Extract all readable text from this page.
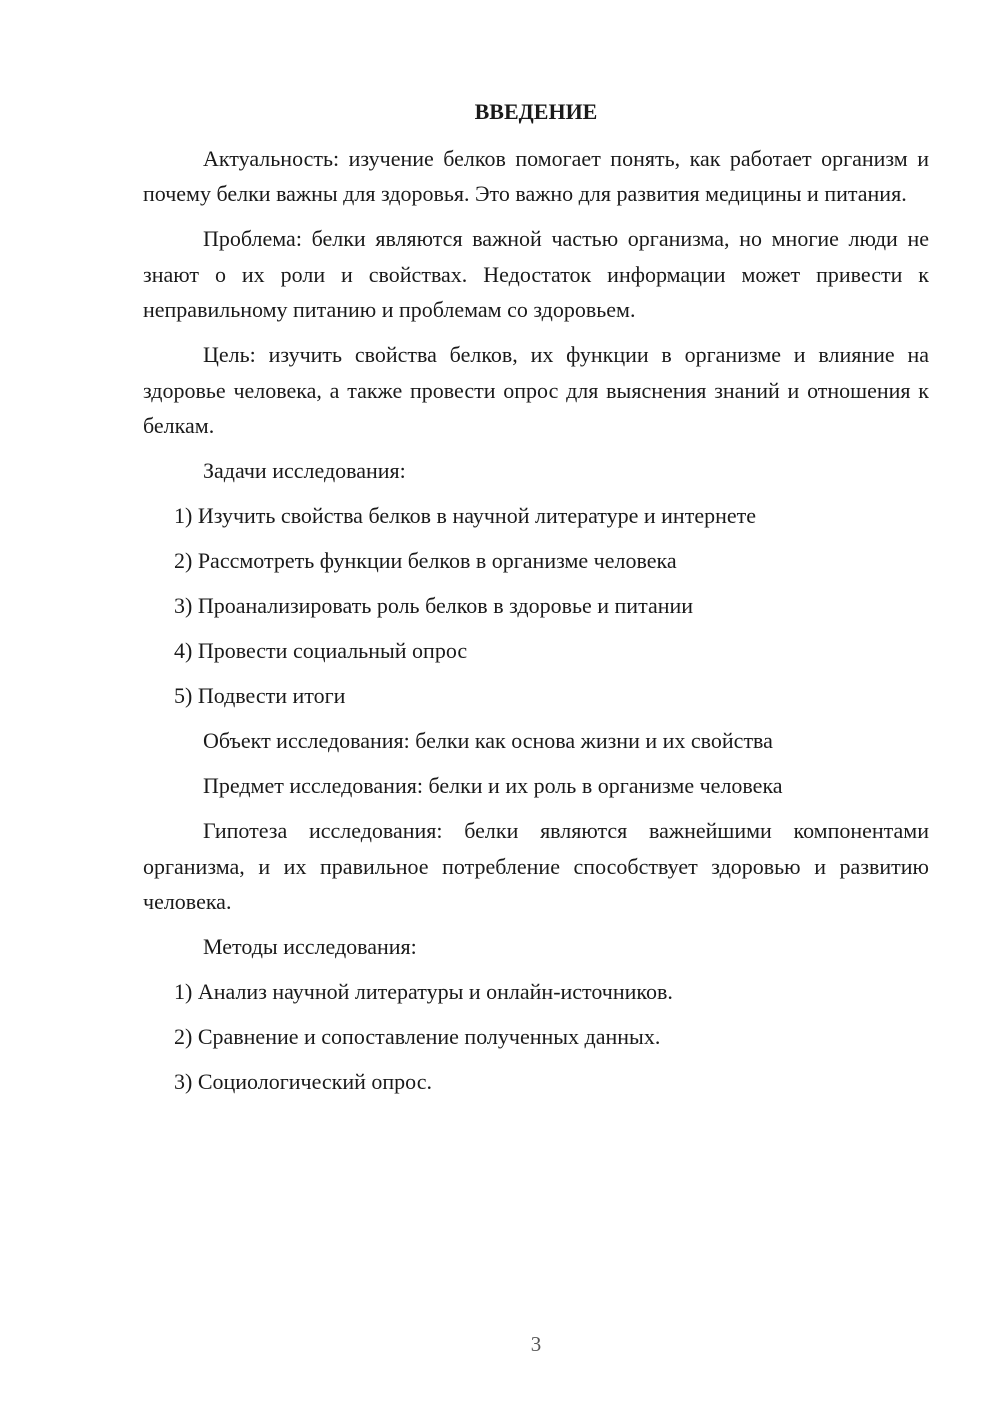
ВВЕДЕНИЕ

Актуальность: изучение белков помогает понять, как работает организм и почему белки важны для здоровья. Это важно для развития медицины и питания.

Проблема: белки являются важной частью организма, но многие люди не знают о их роли и свойствах. Недостаток информации может привести к неправильному питанию и проблемам со здоровьем.

Цель: изучить свойства белков, их функции в организме и влияние на здоровье человека, а также провести опрос для выяснения знаний и отношения к белкам.

Задачи исследования:

1) Изучить свойства белков в научной литературе и интернете
2) Рассмотреть функции белков в организме человека
3) Проанализировать роль белков в здоровье и питании
4) Провести социальный опрос
5) Подвести итоги

Объект исследования: белки как основа жизни и их свойства

Предмет исследования: белки и их роль в организме человека

Гипотеза исследования: белки являются важнейшими компонентами организма, и их правильное потребление способствует здоровью и развитию человека.

Методы исследования:

1) Анализ научной литературы и онлайн-источников.
2) Сравнение и сопоставление полученных данных.
3) Социологический опрос.
3
